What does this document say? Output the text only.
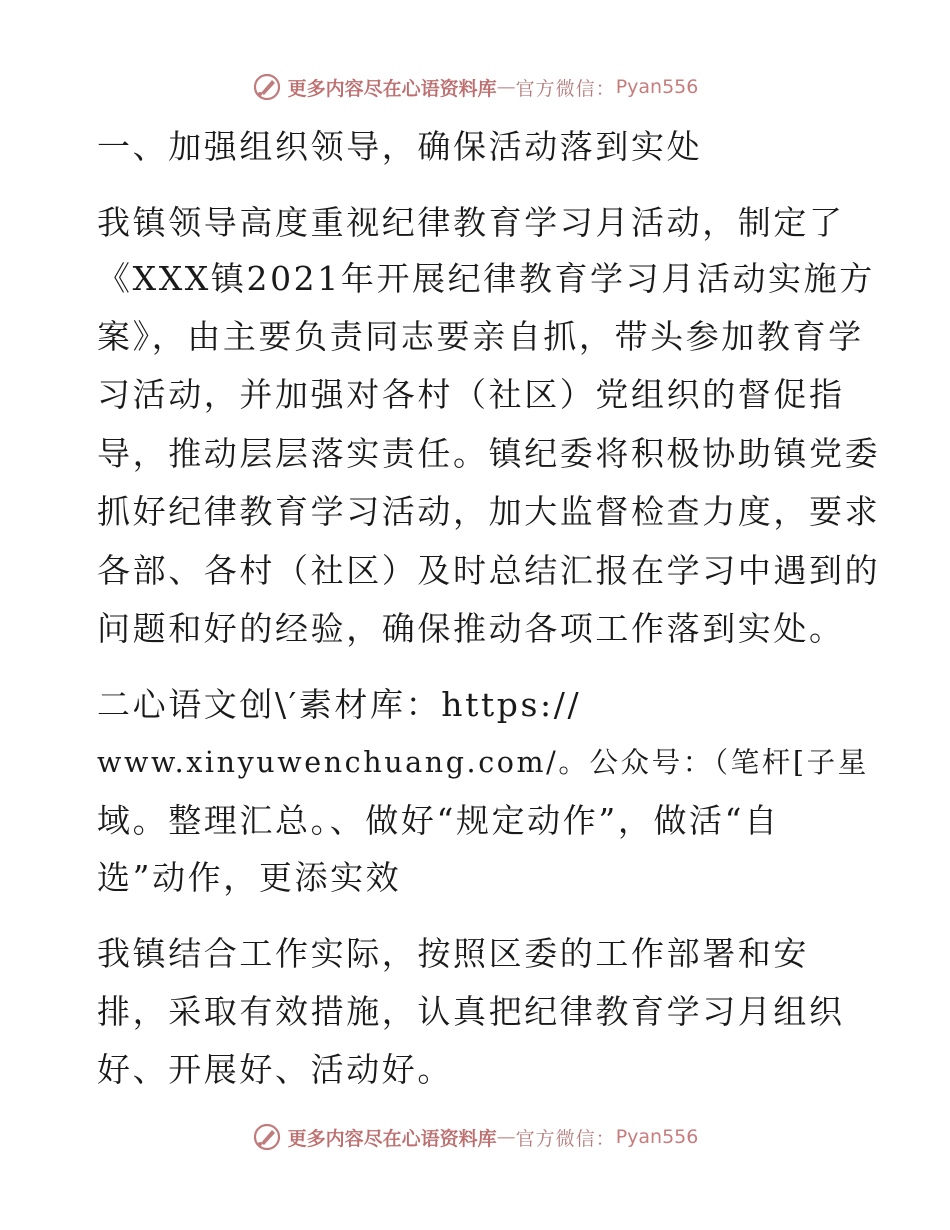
更多内容尽在心语资料库 — 官方微信： Pyan556
一、加强组织领导，确保活动落到实处
我镇领导高度重视纪律教育学习月活动，制定了
《XXX镇2021年开展纪律教育学习月活动实施方
案》，由主要负责同志要亲自抓，带头参加教育学
习活动，并加强对各村（社区）党组织的督促指
导，推动层层落实责任。镇纪委将积极协助镇党委
抓好纪律教育学习活动，加大监督检查力度，要求
各部、各村（社区）及时总结汇报在学习中遇到的
问题和好的经验，确保推动各项工作落到实处。
二心语文创\′素材库：https://
www.xinyuwenchuang.com/。公众号：（笔杆[子星
域。整理汇总。、做好“规定动作”，做活“自
选”动作，更添实效
我镇结合工作实际，按照区委的工作部署和安
排，采取有效措施，认真把纪律教育学习月组织
好、开展好、活动好。
更多内容尽在心语资料库 — 官方微信： Pyan556
